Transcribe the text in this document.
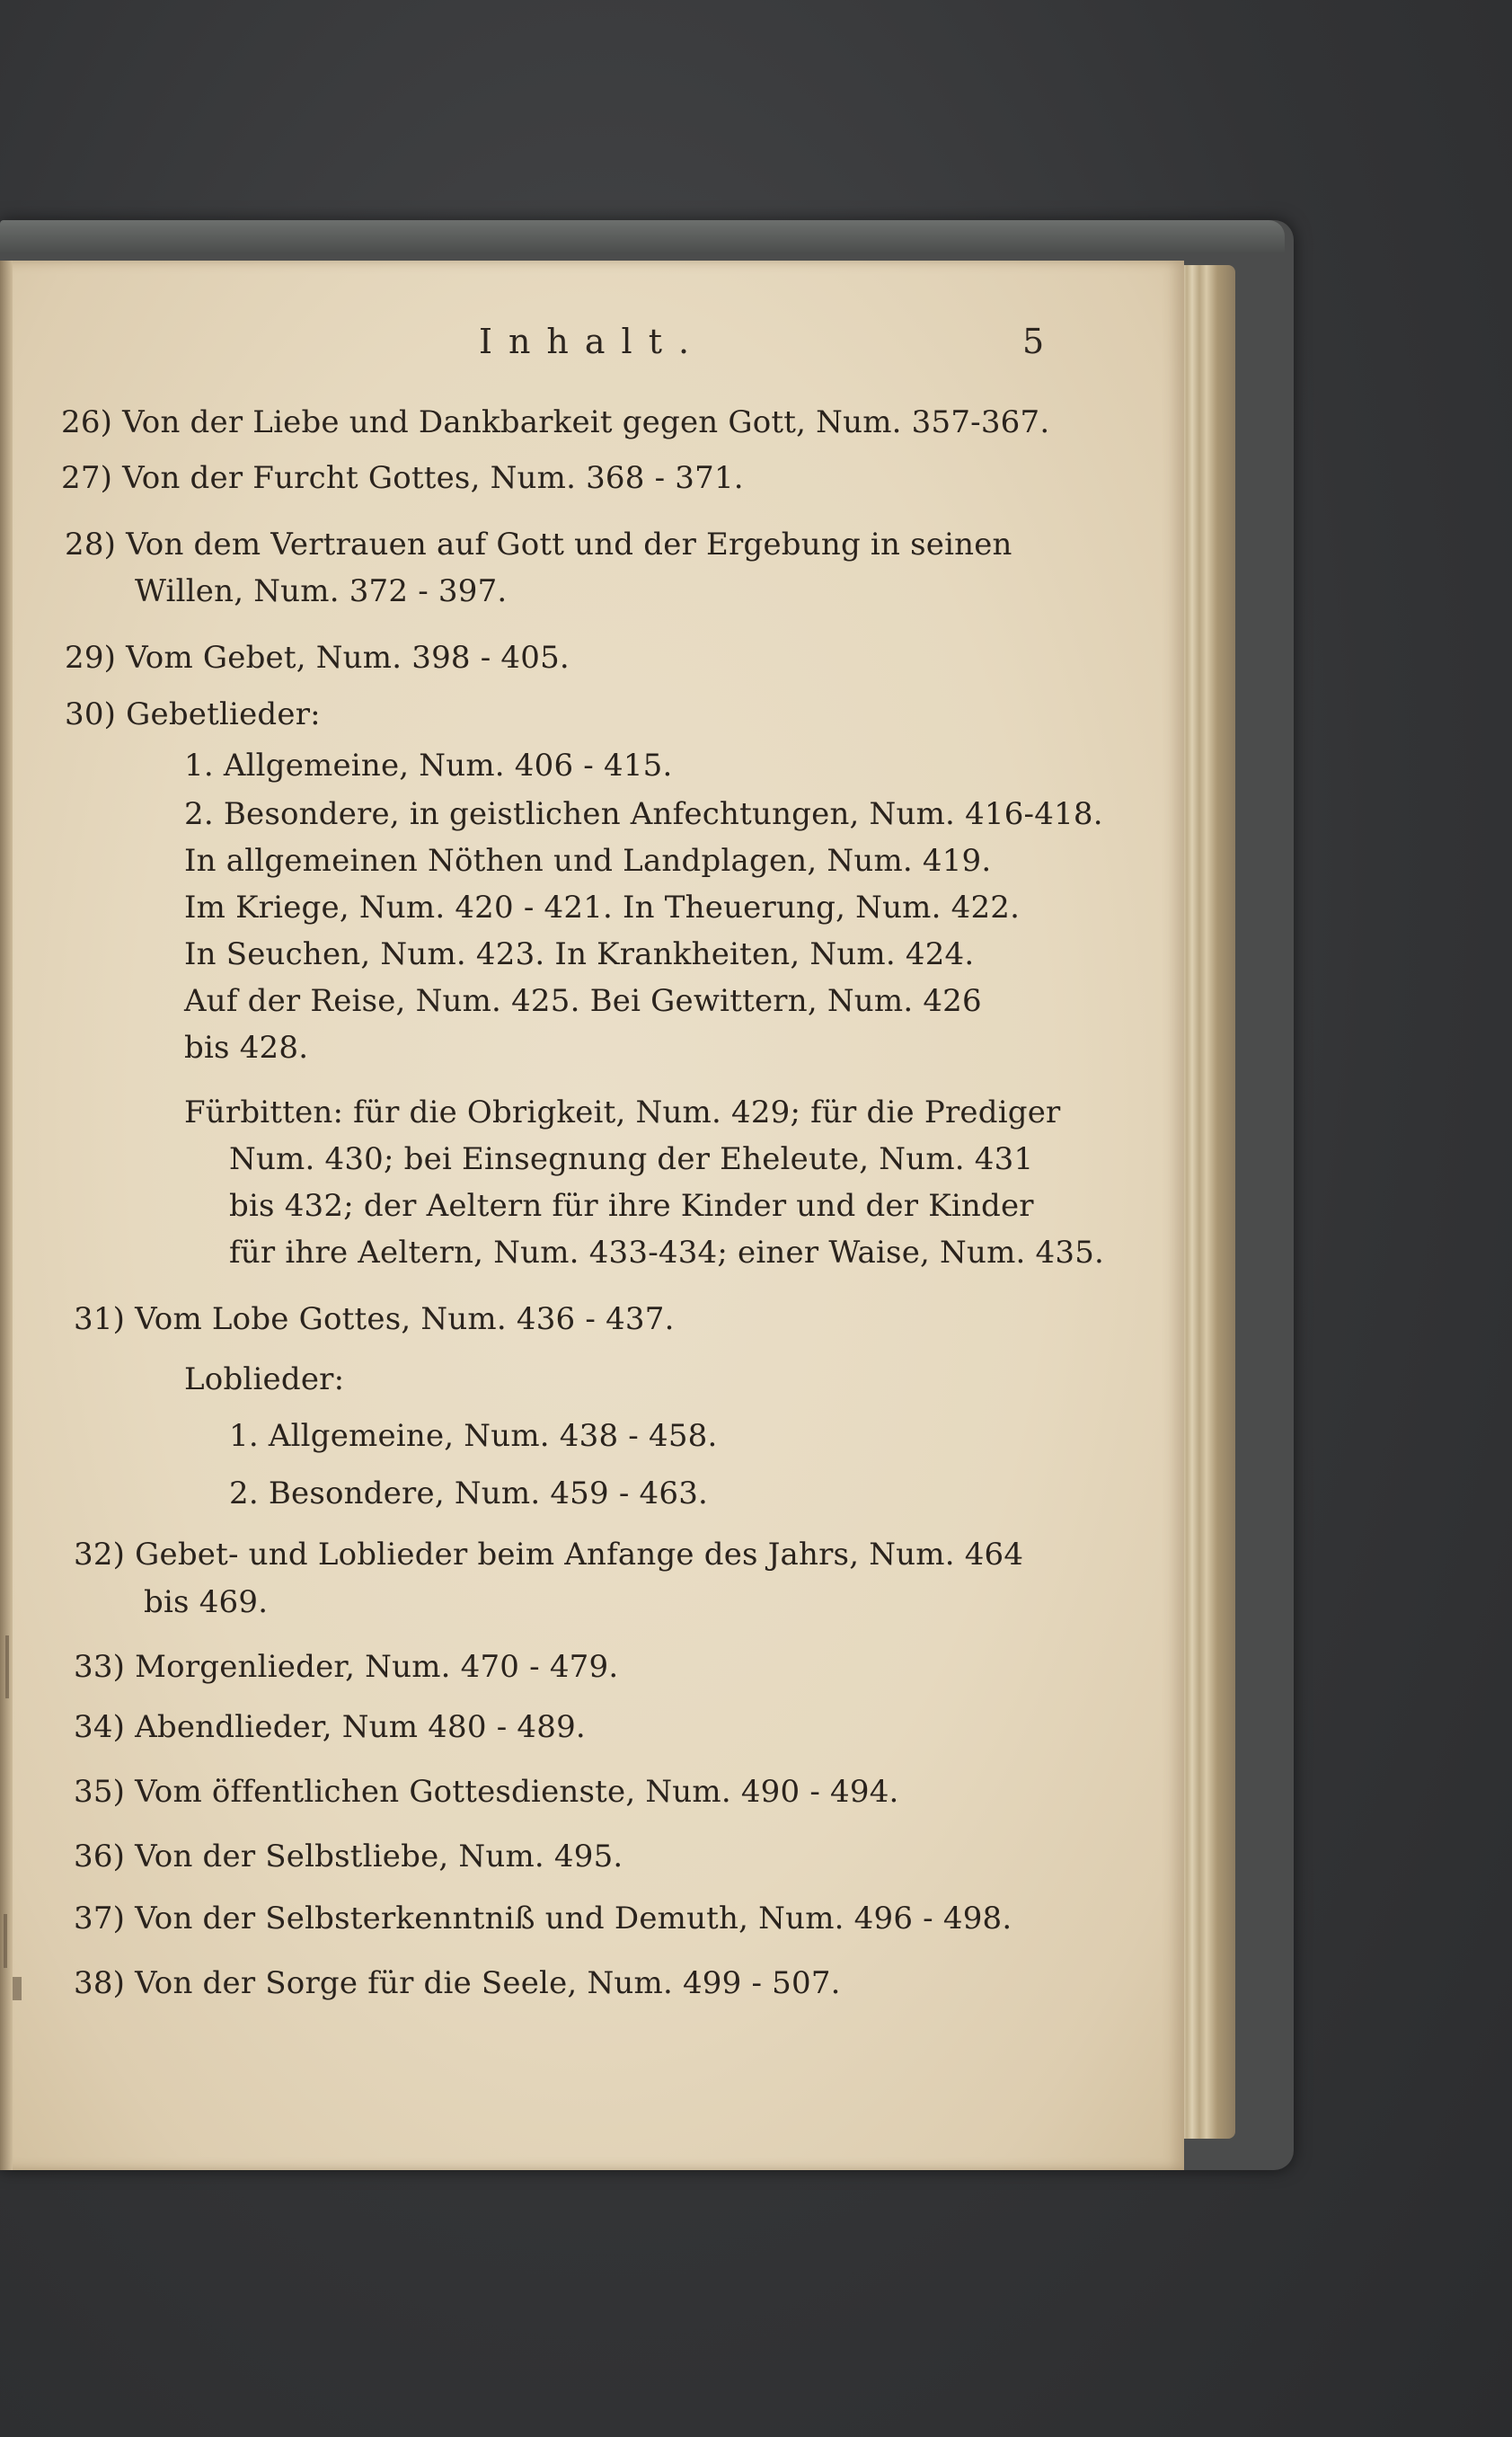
Inhalt.	5
26) Von der Liebe und Dankbarkeit gegen Gott, Num. 357-367.
27) Von der Furcht Gottes, Num. 368 - 371.
28) Von dem Vertrauen auf Gott und der Ergebung in seinen
Willen, Num. 372 - 397.
29) Vom Gebet, Num. 398 - 405.
30) Gebetlieder:
1. Allgemeine, Num. 406 - 415.
2. Besondere, in geistlichen Anfechtungen, Num. 416-418.
In allgemeinen Nöthen und Landplagen, Num. 419.
Im Kriege, Num. 420 - 421. In Theuerung, Num. 422.
In Seuchen, Num. 423. In Krankheiten, Num. 424.
Auf der Reise, Num. 425. Bei Gewittern, Num. 426
bis 428.
Fürbitten: für die Obrigkeit, Num. 429; für die Prediger
Num. 430; bei Einsegnung der Eheleute, Num. 431
bis 432; der Aeltern für ihre Kinder und der Kinder
für ihre Aeltern, Num. 433-434; einer Waise, Num. 435.
31) Vom Lobe Gottes, Num. 436 - 437.
Loblieder:
1. Allgemeine, Num. 438 - 458.
2. Besondere, Num. 459 - 463.
32) Gebet- und Loblieder beim Anfange des Jahrs, Num. 464
bis 469.
33) Morgenlieder, Num. 470 - 479.
34) Abendlieder, Num 480 - 489.
35) Vom öffentlichen Gottesdienste, Num. 490 - 494.
36) Von der Selbstliebe, Num. 495.
37) Von der Selbsterkenntniß und Demuth, Num. 496 - 498.
38) Von der Sorge für die Seele, Num. 499 - 507.
